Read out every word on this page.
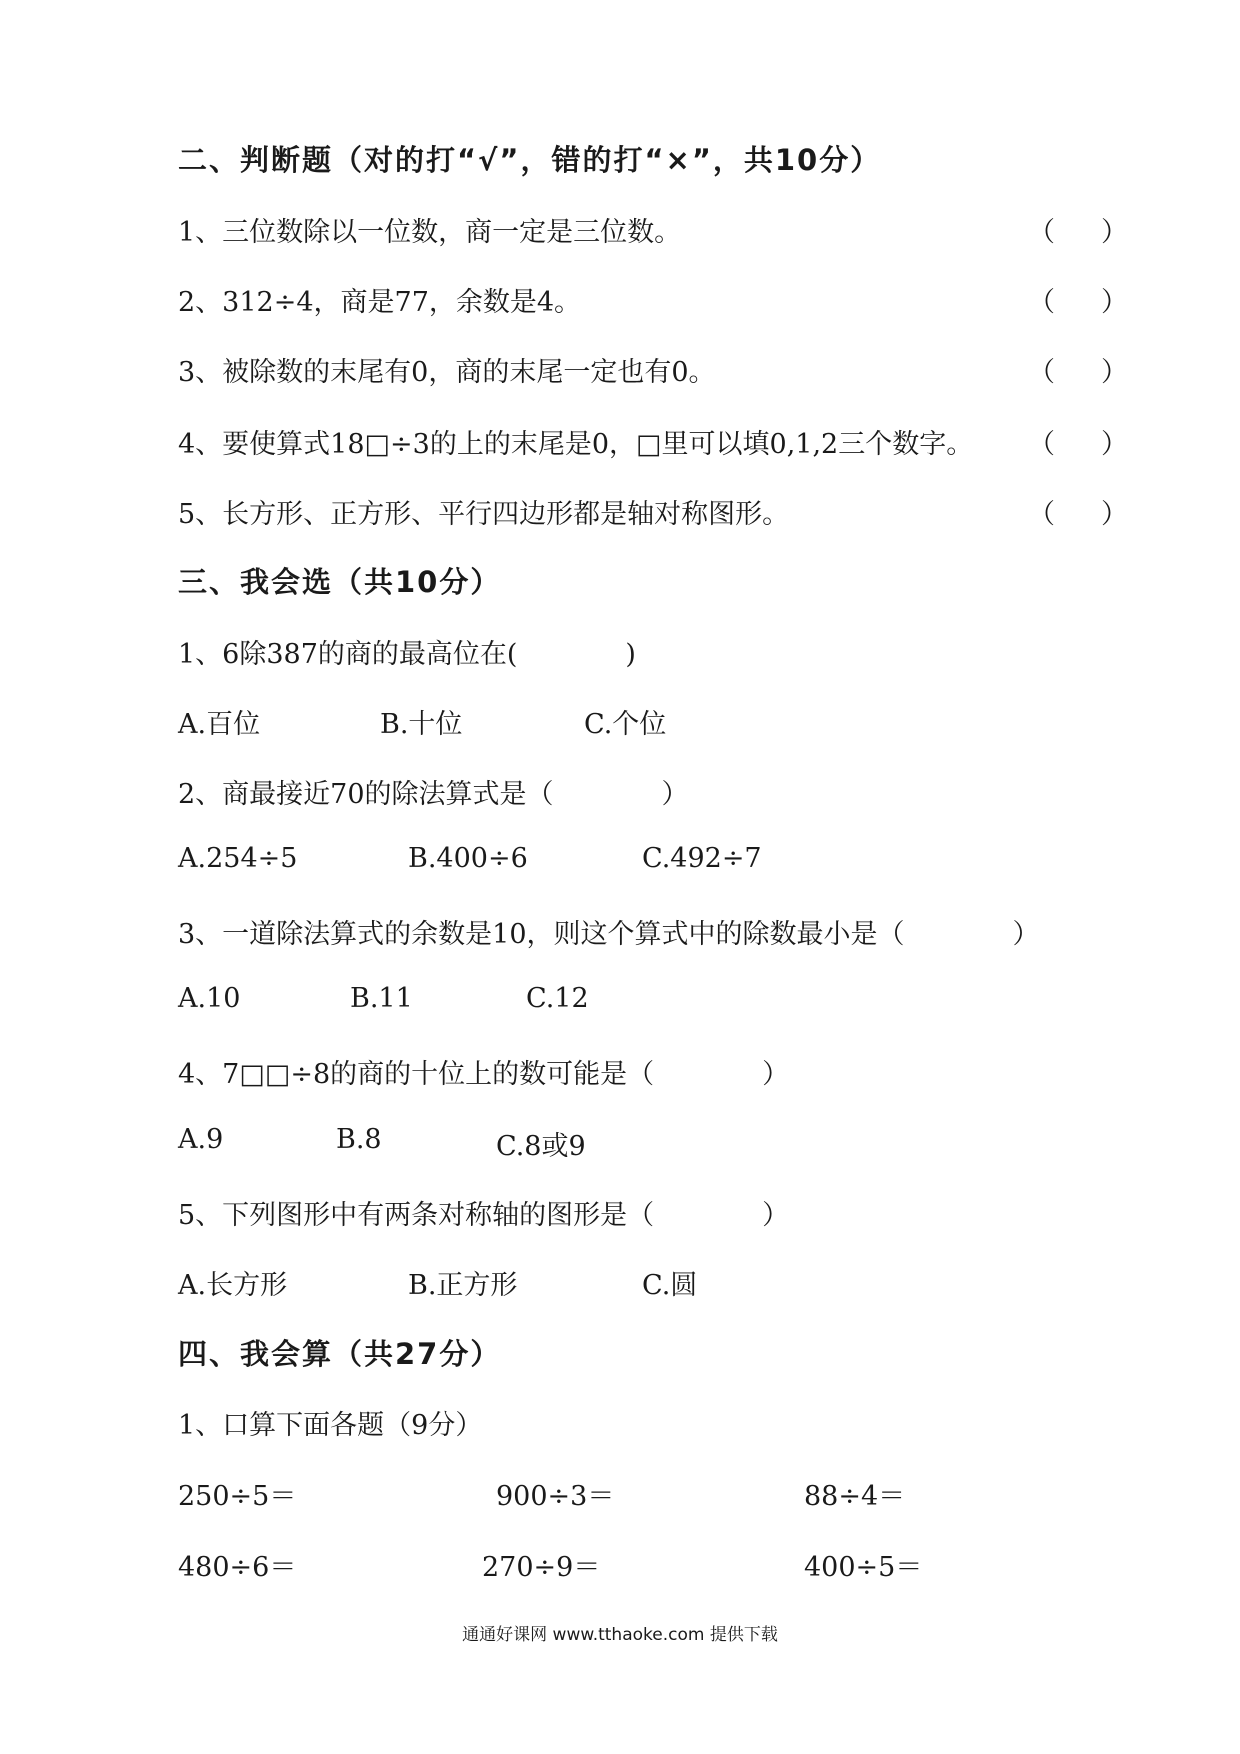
二、判断题（对的打“√”，错的打“×”，共10分）
1、三位数除以一位数，商一定是三位数。	（ ）
2、312÷4，商是77，余数是4。	（ ）
3、被除数的末尾有0，商的末尾一定也有0。	（ ）
4、要使算式18□÷3的上的末尾是0，□里可以填0,1,2三个数字。 （ ）
5、长方形、正方形、平行四边形都是轴对称图形。	（ ）
三、我会选（共10分）
1、6除387的商的最高位在(　　　　)
A.百位	B.十位	C.个位
2、商最接近70的除法算式是（　　　　）
A.254÷5	B.400÷6	C.492÷7
3、一道除法算式的余数是10，则这个算式中的除数最小是（　　　　）
A.10	B.11	C.12
4、7□□÷8的商的十位上的数可能是（　　　　）
A.9	B.8	C.8或9
5、下列图形中有两条对称轴的图形是（　　　　）
A.长方形	B.正方形	C.圆
四、我会算（共27分）
1、口算下面各题（9分）
250÷5＝	900÷3＝	88÷4＝
480÷6＝	270÷9＝	400÷5＝
通通好课网 www.tthaoke.com 提供下载
